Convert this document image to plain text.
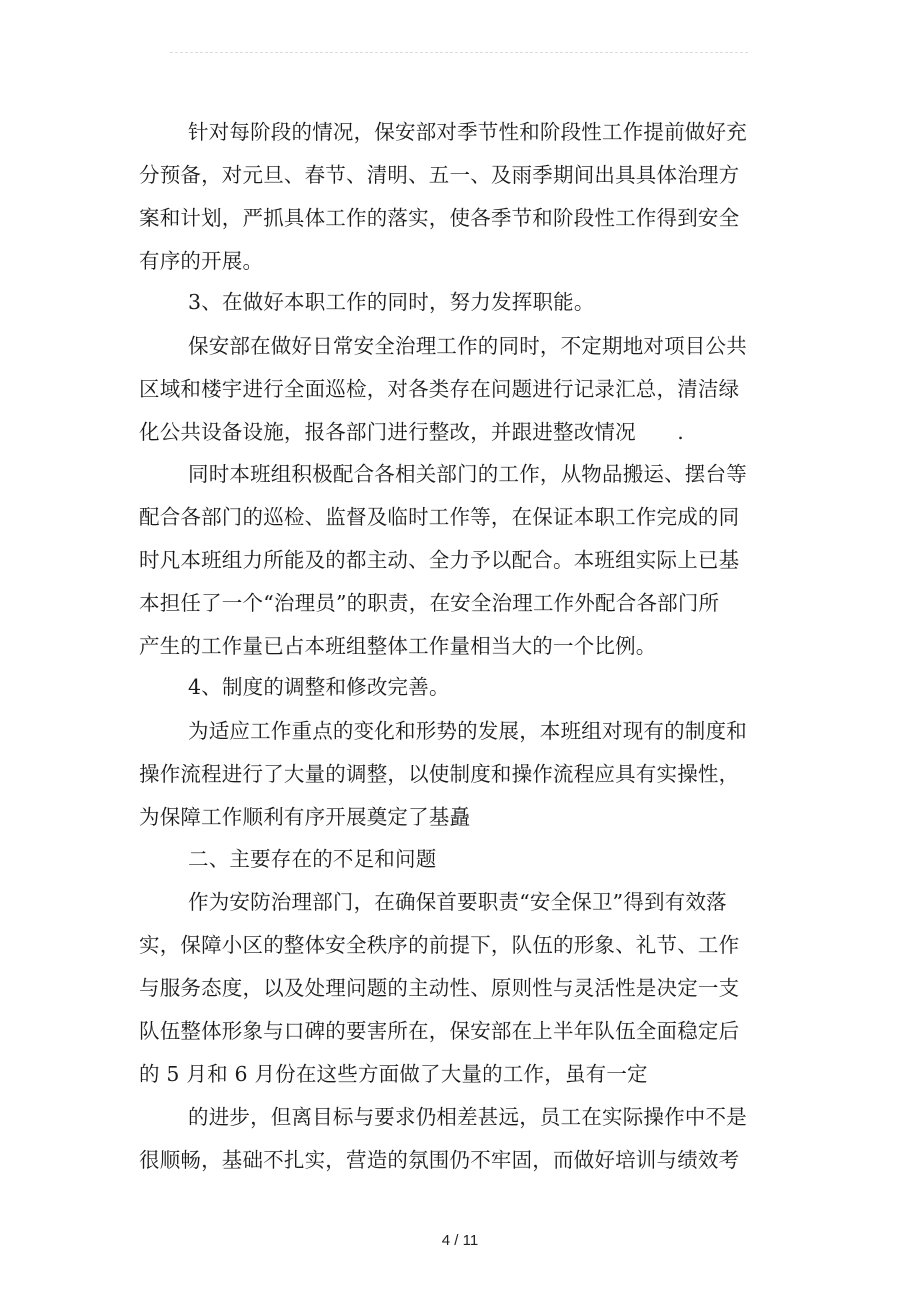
针对每阶段的情况，保安部对季节性和阶段性工作提前做好充
分预备，对元旦、春节、清明、五一、及雨季期间出具具体治理方
案和计划，严抓具体工作的落实，使各季节和阶段性工作得到安全
有序的开展。
3、在做好本职工作的同时，努力发挥职能。
保安部在做好日常安全治理工作的同时，不定期地对项目公共
区域和楼宇进行全面巡检，对各类存在问题进行记录汇总，清洁绿
化公共设备设施，报各部门进行整改，并跟进整改情况　　.
同时本班组积极配合各相关部门的工作，从物品搬运、摆台等
配合各部门的巡检、监督及临时工作等，在保证本职工作完成的同
时凡本班组力所能及的都主动、全力予以配合。本班组实际上已基
本担任了一个“治理员”的职责，在安全治理工作外配合各部门所
产生的工作量已占本班组整体工作量相当大的一个比例。
4、制度的调整和修改完善。
为适应工作重点的变化和形势的发展，本班组对现有的制度和
操作流程进行了大量的调整，以使制度和操作流程应具有实操性，
为保障工作顺利有序开展奠定了基矗
二、主要存在的不足和问题
作为安防治理部门，在确保首要职责“安全保卫”得到有效落
实，保障小区的整体安全秩序的前提下，队伍的形象、礼节、工作
与服务态度，以及处理问题的主动性、原则性与灵活性是决定一支
队伍整体形象与口碑的要害所在，保安部在上半年队伍全面稳定后
的 5 月和 6 月份在这些方面做了大量的工作，虽有一定
的进步，但离目标与要求仍相差甚远，员工在实际操作中不是
很顺畅，基础不扎实，营造的氛围仍不牢固，而做好培训与绩效考
4 / 11
